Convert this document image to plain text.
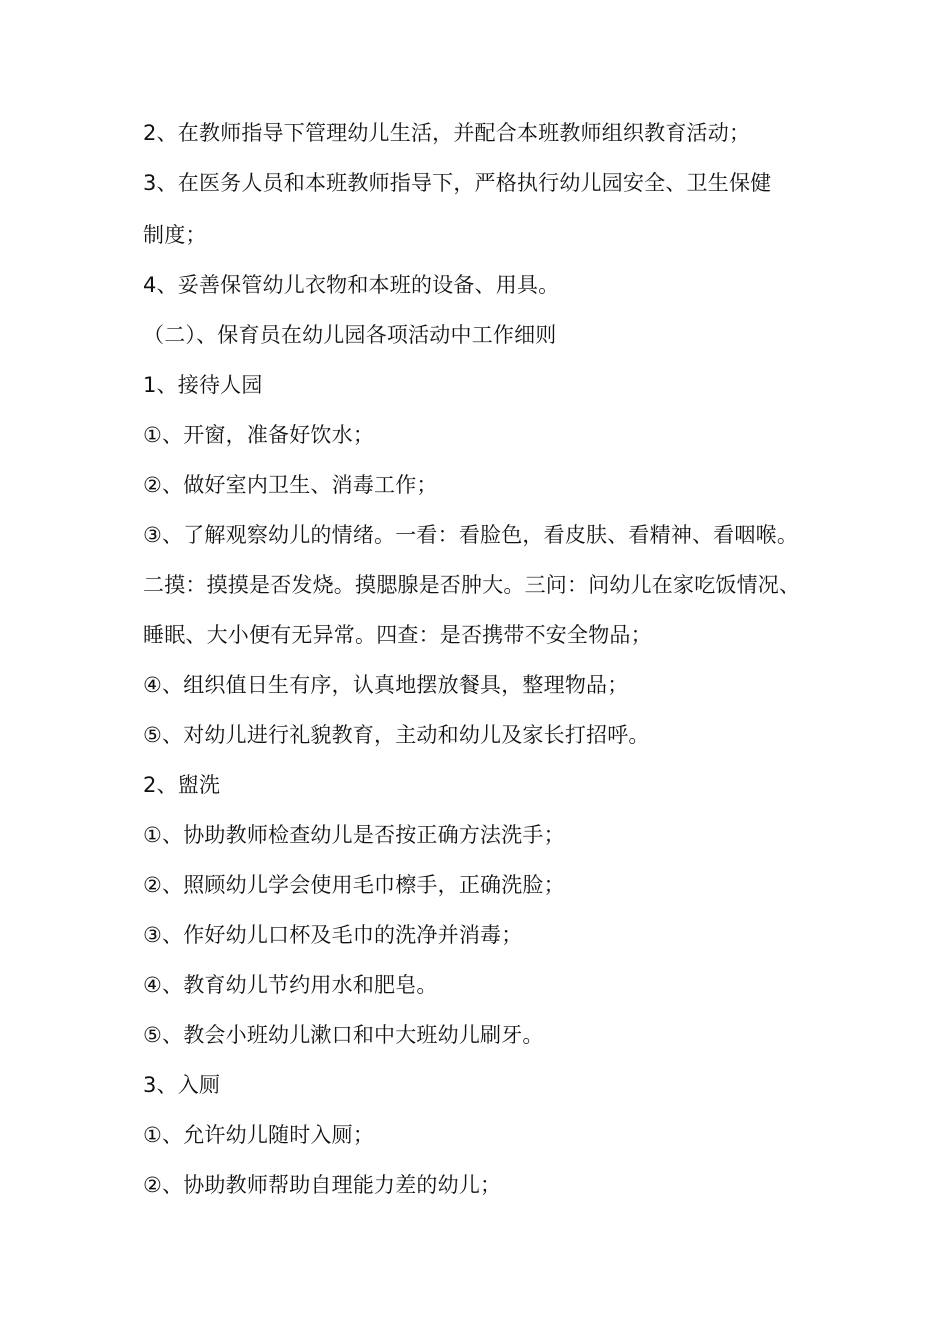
2、在教师指导下管理幼儿生活，并配合本班教师组织教育活动；

3、在医务人员和本班教师指导下，严格执行幼儿园安全、卫生保健

制度；

4、妥善保管幼儿衣物和本班的设备、用具。

（二）、保育员在幼儿园各项活动中工作细则

1、接待人园

①、开窗，准备好饮水；

②、做好室内卫生、消毒工作；

③、了解观察幼儿的情绪。一看：看脸色，看皮肤、看精神、看咽喉。

二摸：摸摸是否发烧。摸腮腺是否肿大。三问：问幼儿在家吃饭情况、

睡眠、大小便有无异常。四查：是否携带不安全物品；

④、组织值日生有序，认真地摆放餐具，整理物品；

⑤、对幼儿进行礼貌教育，主动和幼儿及家长打招呼。

2、盥洗

①、协助教师检查幼儿是否按正确方法洗手；

②、照顾幼儿学会使用毛巾檫手，正确洗脸；

③、作好幼儿口杯及毛巾的洗净并消毒；

④、教育幼儿节约用水和肥皂。

⑤、教会小班幼儿漱口和中大班幼儿刷牙。

3、入厕

①、允许幼儿随时入厕；

②、协助教师帮助自理能力差的幼儿；
